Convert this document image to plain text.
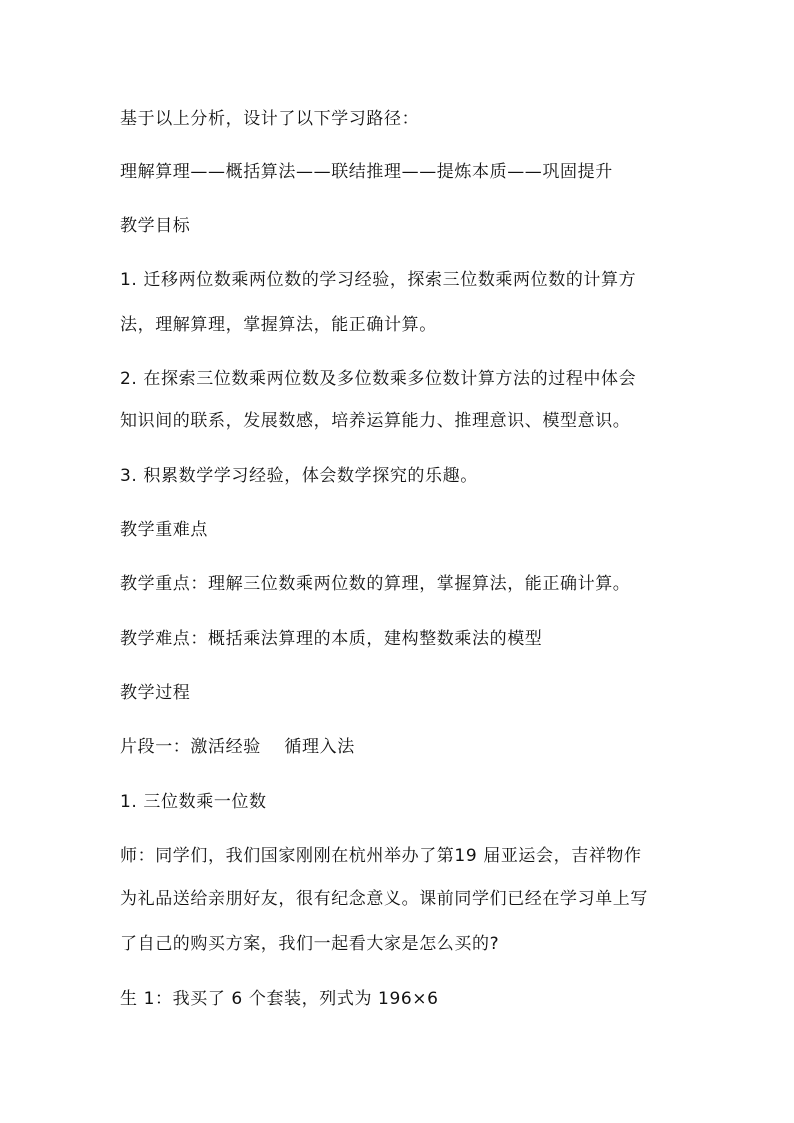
基于以上分析，设计了以下学习路径：
理解算理——概括算法——联结推理——提炼本质——巩固提升
教学目标
1. 迁移两位数乘两位数的学习经验，探索三位数乘两位数的计算方
法，理解算理，掌握算法，能正确计算。
2. 在探索三位数乘两位数及多位数乘多位数计算方法的过程中体会
知识间的联系，发展数感，培养运算能力、推理意识、模型意识。
3. 积累数学学习经验，体会数学探究的乐趣。
教学重难点
教学重点：理解三位数乘两位数的算理，掌握算法，能正确计算。
教学难点：概括乘法算理的本质，建构整数乘法的模型
教学过程
片段一：激活经验　 循理入法
1. 三位数乘一位数
师：同学们，我们国家刚刚在杭州举办了第19 届亚运会，吉祥物作
为礼品送给亲朋好友，很有纪念意义。课前同学们已经在学习单上写
了自己的购买方案，我们一起看大家是怎么买的?
生 1：我买了 6 个套装，列式为 196×6
